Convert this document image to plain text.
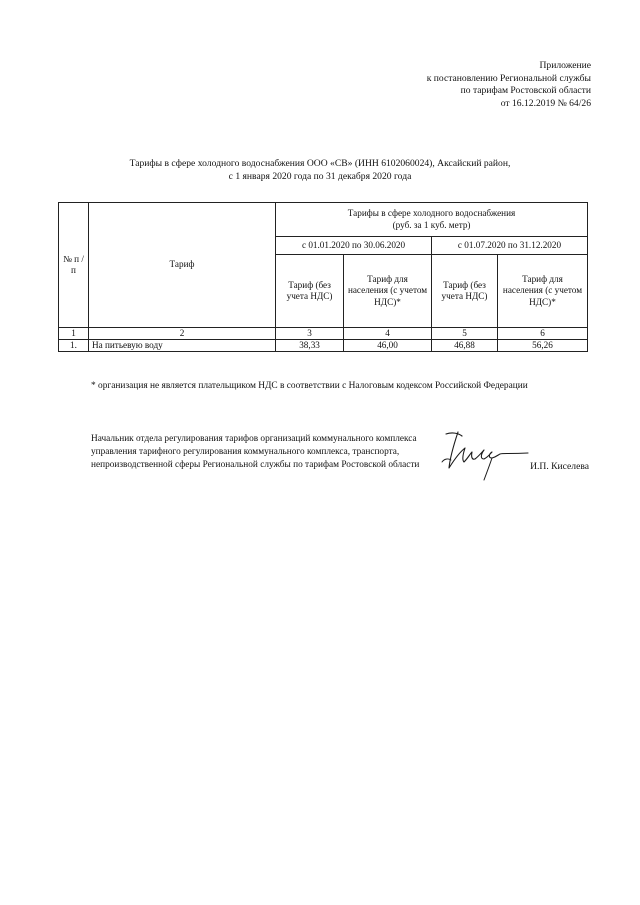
Приложение
к постановлению Региональной службы
по тарифам Ростовской области
от 16.12.2019 № 64/26
Тарифы в сфере холодного водоснабжения ООО «СВ» (ИНН 6102060024), Аксайский район,
с 1 января 2020 года по 31 декабря 2020 года
№ п /п	Тариф	Тарифы в сфере холодного водоснабжения
(руб. за 1 куб. метр)			

		с 01.01.2020 по 30.06.2020		с 01.07.2020 по 31.12.2020	

		Тариф (без учета НДС)	Тариф для населения (с учетом НДС)*	Тариф (без учета НДС)	Тариф для населения (с учетом НДС)*

1	2	3	4	5	6
1.	На питьевую воду	38,33	46,00	46,88	56,26
* организация не является плательщиком НДС в соответствии с Налоговым кодексом Российской Федерации
Начальник отдела регулирования тарифов организаций коммунального комплекса
управления тарифного регулирования коммунального комплекса, транспорта,
непроизводственной сферы Региональной службы по тарифам Ростовской области	И.П. Киселева
